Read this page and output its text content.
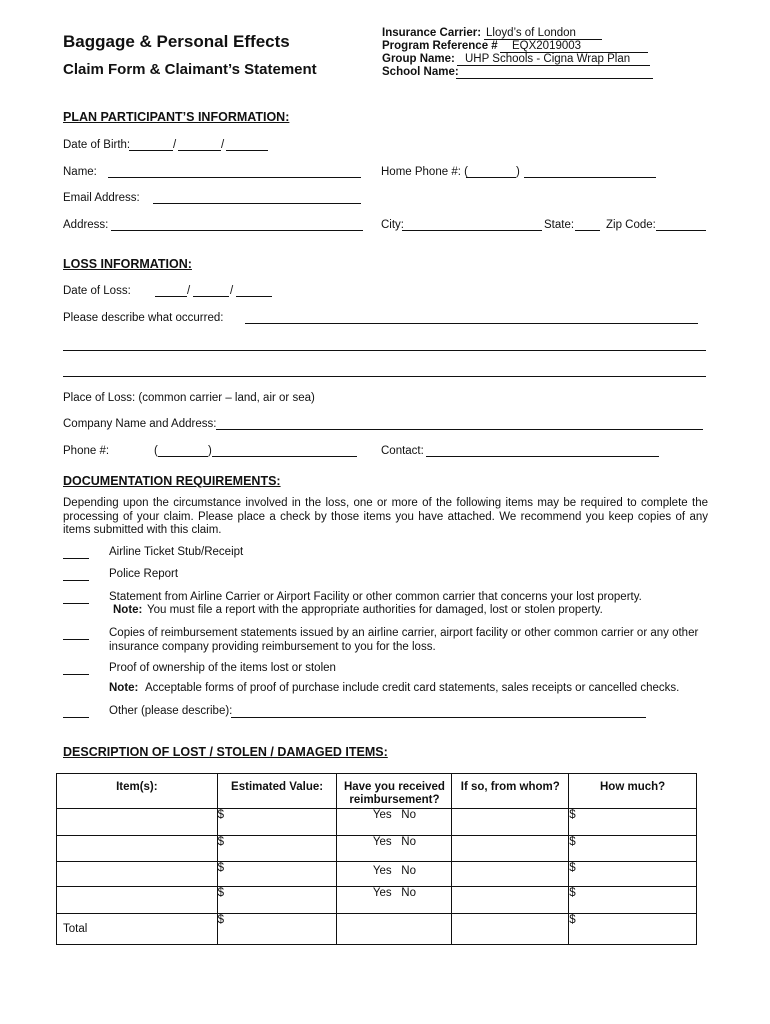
Baggage & Personal Effects
Claim Form & Claimant’s Statement
Insurance Carrier: Lloyd’s of London
Program Reference # EQX2019003
Group Name: UHP Schools - Cigna Wrap Plan
School Name:
PLAN PARTICIPANT’S INFORMATION:
Date of Birth:	/	/
Name:	Home Phone #: (	)
Email Address:
Address:	City:	State:	Zip Code:
LOSS INFORMATION:
Date of Loss:	/	/
Please describe what occurred:
Place of Loss: (common carrier – land, air or sea)
Company Name and Address:
Phone #:	(	)	Contact:
DOCUMENTATION REQUIREMENTS:
Depending upon the circumstance involved in the loss, one or more of the following items may be required to complete the processing of your claim. Please place a check by those items you have attached. We recommend you keep copies of any items submitted with this claim.
Airline Ticket Stub/Receipt
Police Report
Statement from Airline Carrier or Airport Facility or other common carrier that concerns your lost property.
Note: You must file a report with the appropriate authorities for damaged, lost or stolen property.
Copies of reimbursement statements issued by an airline carrier, airport facility or other common carrier or any other insurance company providing reimbursement to you for the loss.
Proof of ownership of the items lost or stolen
Note: Acceptable forms of proof of purchase include credit card statements, sales receipts or cancelled checks.
Other (please describe):
DESCRIPTION OF LOST / STOLEN / DAMAGED ITEMS:
Item(s):	Estimated Value:	Have you received reimbursement?	If so, from whom?	How much?
	$	Yes No		$
	$	Yes No		$
	$	Yes No		$
	$	Yes No		$
Total	$			$
